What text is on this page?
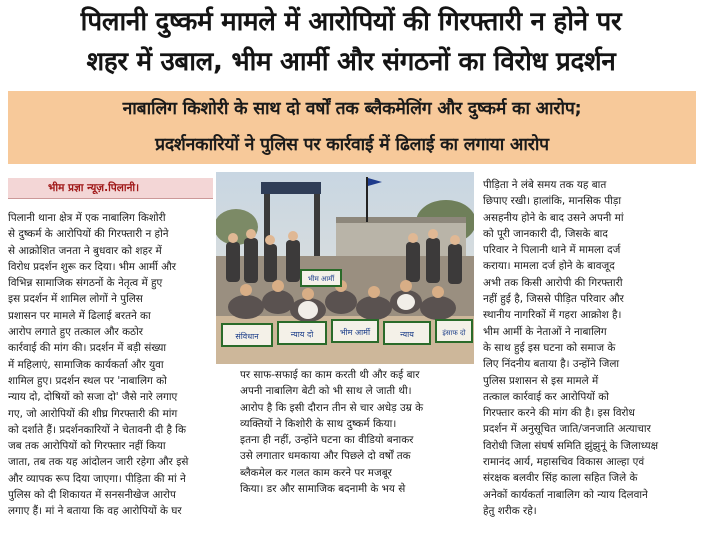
पिलानी दुष्कर्म मामले में आरोपियों की गिरफ्तारी न होने पर
शहर में उबाल, भीम आर्मी और संगठनों का विरोध प्रदर्शन
नाबालिग किशोरी के साथ दो वर्षों तक ब्लैकमेलिंग और दुष्कर्म का आरोप;
प्रदर्शनकारियों ने पुलिस पर कार्रवाई में ढिलाई का लगाया आरोप
भीम प्रज्ञा न्यूज़.पिलानी।
पिलानी थाना क्षेत्र में एक नाबालिग किशोरी
से दुष्कर्म के आरोपियों की गिरफ्तारी न होने
से आक्रोशित जनता ने बुधवार को शहर में
विरोध प्रदर्शन शुरू कर दिया। भीम आर्मी और
विभिन्न सामाजिक संगठनों के नेतृत्व में हुए
इस प्रदर्शन में शामिल लोगों ने पुलिस
प्रशासन पर मामले में ढिलाई बरतने का
आरोप लगाते हुए तत्काल और कठोर
कार्रवाई की मांग की। प्रदर्शन में बड़ी संख्या
में महिलाएं, सामाजिक कार्यकर्ता और युवा
शामिल हुए। प्रदर्शन स्थल पर 'नाबालिग को
न्याय दो, दोषियों को सजा दो' जैसे नारे लगाए
गए, जो आरोपियों की शीघ्र गिरफ्तारी की मांग
को दर्शाते हैं। प्रदर्शनकारियों ने चेतावनी दी है कि
जब तक आरोपियों को गिरफ्तार नहीं किया
जाता, तब तक यह आंदोलन जारी रहेगा और इसे
और व्यापक रूप दिया जाएगा। पीड़िता की मां ने
पुलिस को दी शिकायत में सनसनीखेज आरोप
लगाए हैं। मां ने बताया कि वह आरोपियों के घर
पर साफ-सफाई का काम करती थी और कई बार
अपनी नाबालिग बेटी को भी साथ ले जाती थी।
आरोप है कि इसी दौरान तीन से चार अधेड़ उम्र के
व्यक्तियों ने किशोरी के साथ दुष्कर्म किया।
इतना ही नहीं, उन्होंने घटना का वीडियो बनाकर
उसे लगातार धमकाया और पिछले दो वर्षों तक
ब्लैकमेल कर गलत काम करने पर मजबूर
किया। डर और सामाजिक बदनामी के भय से
पीड़िता ने लंबे समय तक यह बात
छिपाए रखी। हालांकि, मानसिक पीड़ा
असहनीय होने के बाद उसने अपनी मां
को पूरी जानकारी दी, जिसके बाद
परिवार ने पिलानी थाने में मामला दर्ज
कराया। मामला दर्ज होने के बावजूद
अभी तक किसी आरोपी की गिरफ्तारी
नहीं हुई है, जिससे पीड़ित परिवार और
स्थानीय नागरिकों में गहरा आक्रोश है।
भीम आर्मी के नेताओं ने नाबालिग
के साथ हुई इस घटना को समाज के
लिए निंदनीय बताया है। उन्होंने जिला
पुलिस प्रशासन से इस मामले में
तत्काल कार्रवाई कर आरोपियों को
गिरफ्तार करने की मांग की है। इस विरोध
प्रदर्शन में अनुसूचित जाति/जनजाति अत्याचार
विरोधी जिला संघर्ष समिति झुंझुनूं के जिलाध्यक्ष
रामानंद आर्य, महासचिव विकास आल्हा एवं
संरक्षक बलवीर सिंह काला सहित जिले के
अनेकों कार्यकर्ता नाबालिग को न्याय दिलवाने
हेतु शरीक रहे।
संविधान	न्याय दो	भीम आर्मी	न्याय	इंसाफ दो
भीम आर्मी
